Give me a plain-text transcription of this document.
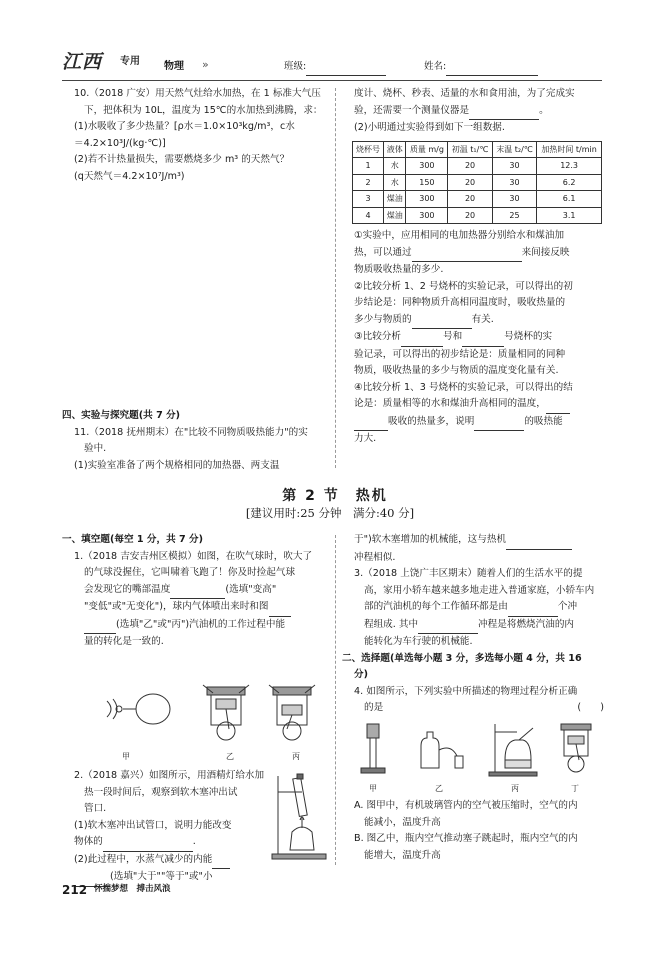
江西 专用 物理 »	班级:	姓名:

10.（2018 广安）用天然气灶给水加热，在 1 标准大气压
下，把体积为 10L，温度为 15℃的水加热到沸腾，求：

(1)水吸收了多少热量？[ρ水＝1.0×10³kg/m³，c水
＝4.2×10³J/(kg·℃)]

(2)若不计热量损失，需要燃烧多少 m³ 的天然气？
(q天然气＝4.2×10⁷J/m³)

四、实验与探究题(共 7 分)

11.（2018 抚州期末）在"比较不同物质吸热能力"的实
验中.

(1)实验室准备了两个规格相同的加热器、两支温

度计、烧杯、秒表、适量的水和食用油，为了完成实
验，还需要一个测量仪器是	。

(2)小明通过实验得到如下一组数据.

烧杯号	液体	质量 m/g	初温 t₁/℃	末温 t₂/℃	加热时间 t/min
1	水	300	20	30	12.3
2	水	150	20	30	6.2
3	煤油	300	20	30	6.1
4	煤油	300	20	25	3.1

①实验中，应用相同的电加热器分别给水和煤油加
热，可以通过	来间接反映
物质吸收热量的多少.

②比较分析 1、2 号烧杯的实验记录，可以得出的初
步结论是：同种物质升高相同温度时，吸收热量的
多少与物质的	有关.

③比较分析	号和	号烧杯的实
验记录，可以得出的初步结论是：质量相同的同种
物质，吸收热量的多少与物质的温度变化量有关.

④比较分析 1、3 号烧杯的实验记录，可以得出的结
论是：质量相等的水和煤油升高相同的温度，
吸收的热量多，说明	的吸热能
力大.

第 2 节　热机
[建议用时:25 分钟　满分:40 分]

一、填空题(每空 1 分，共 7 分)

1.（2018 吉安吉州区模拟）如图，在吹气球时，吹大了
的气球没握住，它叫啸着飞跑了！你及时捡起气球
会发现它的嘴部温度	(选填"变高"
"变低"或"无变化")，球内气体喷出来时和图
(选填"乙"或"丙")汽油机的工作过程中能
量的转化是一致的.

甲	乙	丙

2.（2018 嘉兴）如图所示，用酒精灯给水加
热一段时间后，观察到软木塞冲出试
管口.

(1)软木塞冲出试管口，说明力能改变
物体的	.

(2)此过程中，水蒸气减少的内能
(选填"大于""等于"或"小

于")软木塞增加的机械能，这与热机
冲程相似.

3.（2018 上饶广丰区期末）随着人们的生活水平的提
高，家用小轿车越来越多地走进入普通家庭，小轿车内
部的汽油机的每个工作循环都是由	个冲
程组成. 其中	冲程是将燃烧汽油的内
能转化为车行驶的机械能.

二、选择题(单选每小题 3 分，多选每小题 4 分，共 16
分)

4. 如图所示，下列实验中所描述的物理过程分析正确
的是	(　　)

甲	乙	丙	丁

A. 图甲中，有机玻璃管内的空气被压缩时，空气的内
能减小，温度升高

B. 图乙中，瓶内空气推动塞子跳起时，瓶内空气的内
能增大，温度升高

212 怀揣梦想　搏击风浪
